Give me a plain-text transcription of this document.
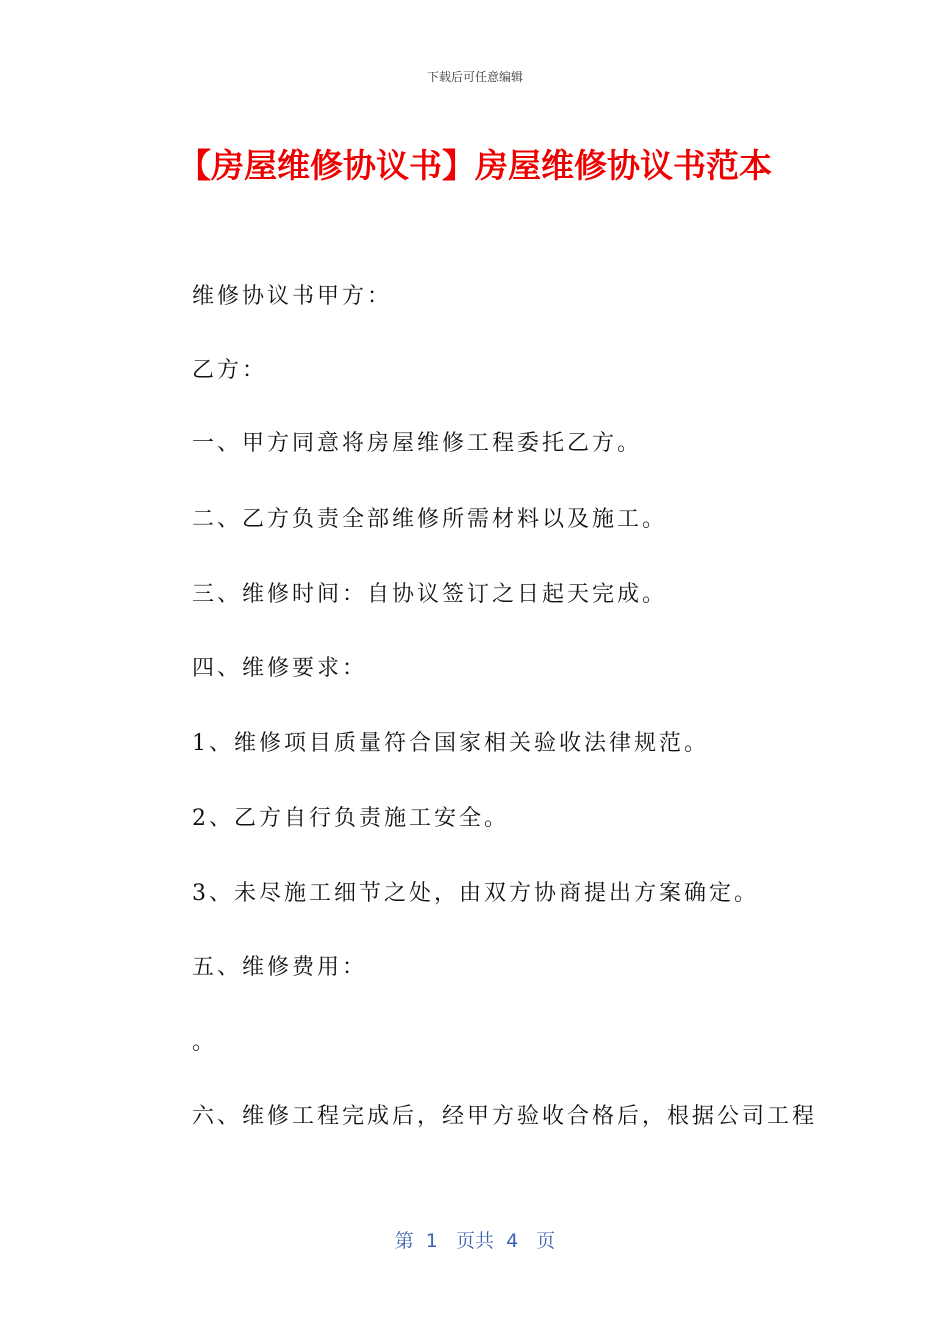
下载后可任意编辑
【房屋维修协议书】房屋维修协议书范本
维修协议书甲方：
乙方：
一、甲方同意将房屋维修工程委托乙方。
二、乙方负责全部维修所需材料以及施工。
三、维修时间：自协议签订之日起天完成。
四、维修要求：
1、维修项目质量符合国家相关验收法律规范。
2、乙方自行负责施工安全。
3、未尽施工细节之处，由双方协商提出方案确定。
五、维修费用：
。
六、维修工程完成后，经甲方验收合格后，根据公司工程
第  1   页共  4   页
